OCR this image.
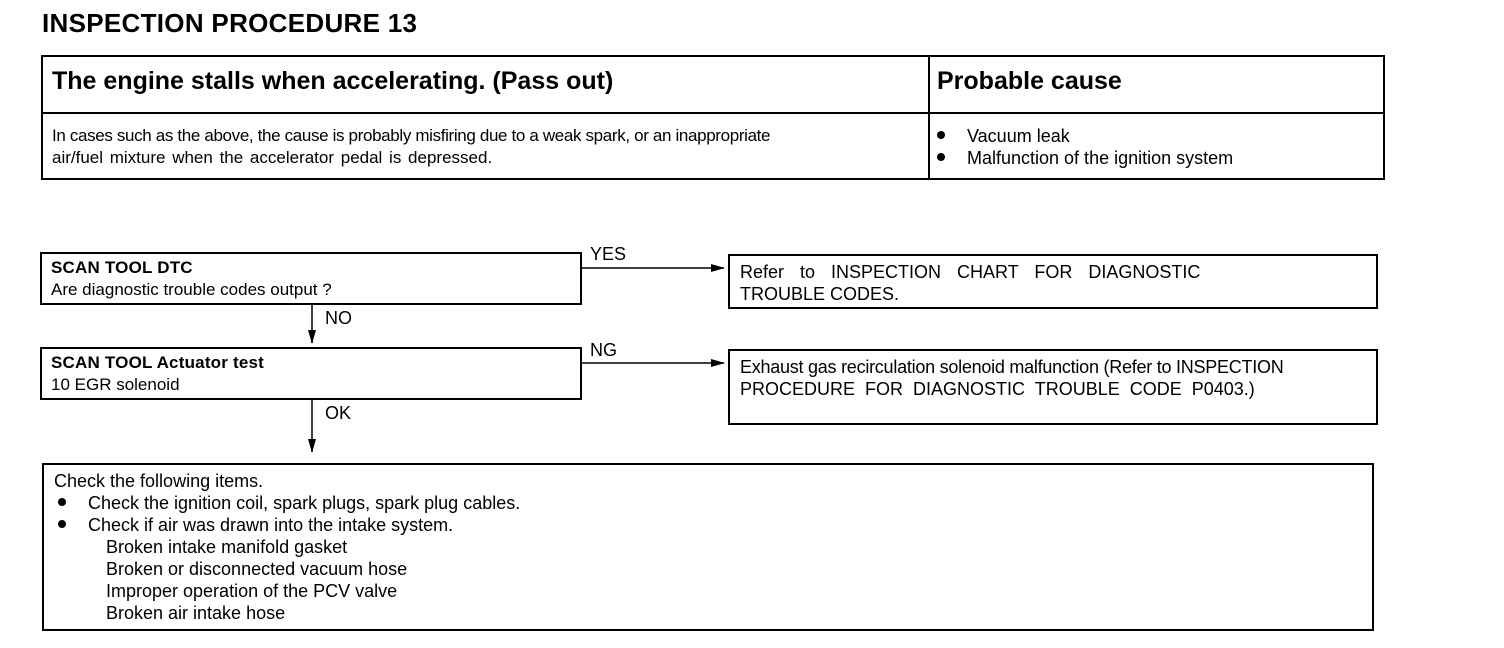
INSPECTION PROCEDURE 13
The engine stalls when accelerating. (Pass out)	Probable cause
In cases such as the above, the cause is probably misfiring due to a weak spark, or an inappropriate
air/fuel mixture when the accelerator pedal is depressed.
Vacuum leak
Malfunction of the ignition system
SCAN TOOL DTC
Are diagnostic trouble codes output ?
YES
NO
Refer to INSPECTION CHART FOR DIAGNOSTIC
TROUBLE CODES.
SCAN TOOL Actuator test
10 EGR solenoid
NG
OK
Exhaust gas recirculation solenoid malfunction (Refer to INSPECTION
PROCEDURE FOR DIAGNOSTIC TROUBLE CODE P0403.)
Check the following items.
Check the ignition coil, spark plugs, spark plug cables.
Check if air was drawn into the intake system.
Broken intake manifold gasket
Broken or disconnected vacuum hose
Improper operation of the PCV valve
Broken air intake hose
